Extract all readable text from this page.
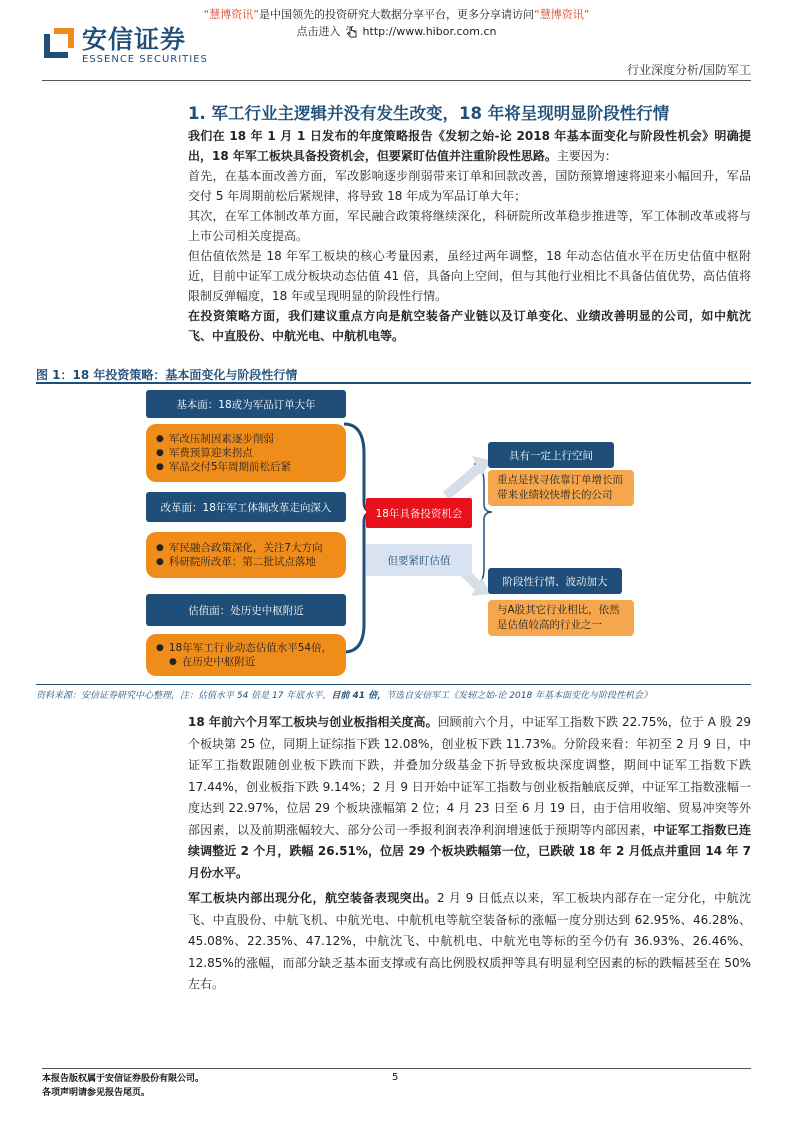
“慧博资讯”是中国领先的投资研究大数据分享平台，更多分享请访问“慧博资讯”
点击进入 http://www.hibor.com.cn
安信证券
ESSENCE SECURITIES
行业深度分析/国防军工
1. 军工行业主逻辑并没有发生改变，18 年将呈现明显阶段性行情
我们在 18 年 1 月 1 日发布的年度策略报告《发轫之始-论 2018 年基本面变化与阶段性机会》明确提出，18 年军工板块具备投资机会，但要紧盯估值并注重阶段性思路。主要因为：
首先，在基本面改善方面，军改影响逐步削弱带来订单和回款改善，国防预算增速将迎来小幅回升，军品交付 5 年周期前松后紧规律，将导致 18 年成为军品订单大年；
其次，在军工体制改革方面，军民融合政策将继续深化，科研院所改革稳步推进等，军工体制改革或将与上市公司相关度提高。
但估值依然是 18 年军工板块的核心考量因素，虽经过两年调整，18 年动态估值水平在历史估值中枢附近，目前中证军工成分板块动态估值 41 倍，具备向上空间，但与其他行业相比不具备估值优势，高估值将限制反弹幅度，18 年或呈现明显的阶段性行情。
在投资策略方面，我们建议重点方向是航空装备产业链以及订单变化、业绩改善明显的公司，如中航沈飞、中直股份、中航光电、中航机电等。
图 1：18 年投资策略：基本面变化与阶段性行情
基本面：18或为军品订单大年
● 军改压制因素逐步削弱
● 军费预算迎来拐点
● 军品交付5年周期前松后紧
改革面：18年军工体制改革走向深入
● 军民融合政策深化，关注7大方向
● 科研院所改革：第二批试点落地
估值面：处历史中枢附近
● 18年军工行业动态估值水平54倍，
● 在历史中枢附近
18年具备投资机会
但要紧盯估值
具有一定上行空间
重点是找寻依靠订单增长而
带来业绩较快增长的公司
阶段性行情、波动加大
与A股其它行业相比，依然
是估值较高的行业之一
资料来源：安信证券研究中心整理，注：估值水平 54 倍是 17 年底水平，目前 41 倍，节选自安信军工《发轫之始-论 2018 年基本面变化与阶段性机会》
18 年前六个月军工板块与创业板指相关度高。回顾前六个月，中证军工指数下跌 22.75%，位于 A 股 29 个板块第 25 位，同期上证综指下跌 12.08%，创业板下跌 11.73%。分阶段来看：年初至 2 月 9 日，中证军工指数跟随创业板下跌而下跌，并叠加分级基金下折导致板块深度调整，期间中证军工指数下跌 17.44%，创业板指下跌 9.14%；2 月 9 日开始中证军工指数与创业板指触底反弹，中证军工指数涨幅一度达到 22.97%，位居 29 个板块涨幅第 2 位；4 月 23 日至 6 月 19 日，由于信用收缩、贸易冲突等外部因素，以及前期涨幅较大、部分公司一季报利润表净利润增速低于预期等内部因素，中证军工指数已连续调整近 2 个月，跌幅 26.51%，位居 29 个板块跌幅第一位，已跌破 18 年 2 月低点并重回 14 年 7 月份水平。
军工板块内部出现分化，航空装备表现突出。2 月 9 日低点以来，军工板块内部存在一定分化，中航沈飞、中直股份、中航飞机、中航光电、中航机电等航空装备标的涨幅一度分别达到 62.95%、46.28%、45.08%、22.35%、47.12%，中航沈飞、中航机电、中航光电等标的至今仍有 36.93%、26.46%、12.85%的涨幅，而部分缺乏基本面支撑或有高比例股权质押等具有明显利空因素的标的跌幅甚至在 50%左右。
本报告版权属于安信证券股份有限公司。
各项声明请参见报告尾页。
5
